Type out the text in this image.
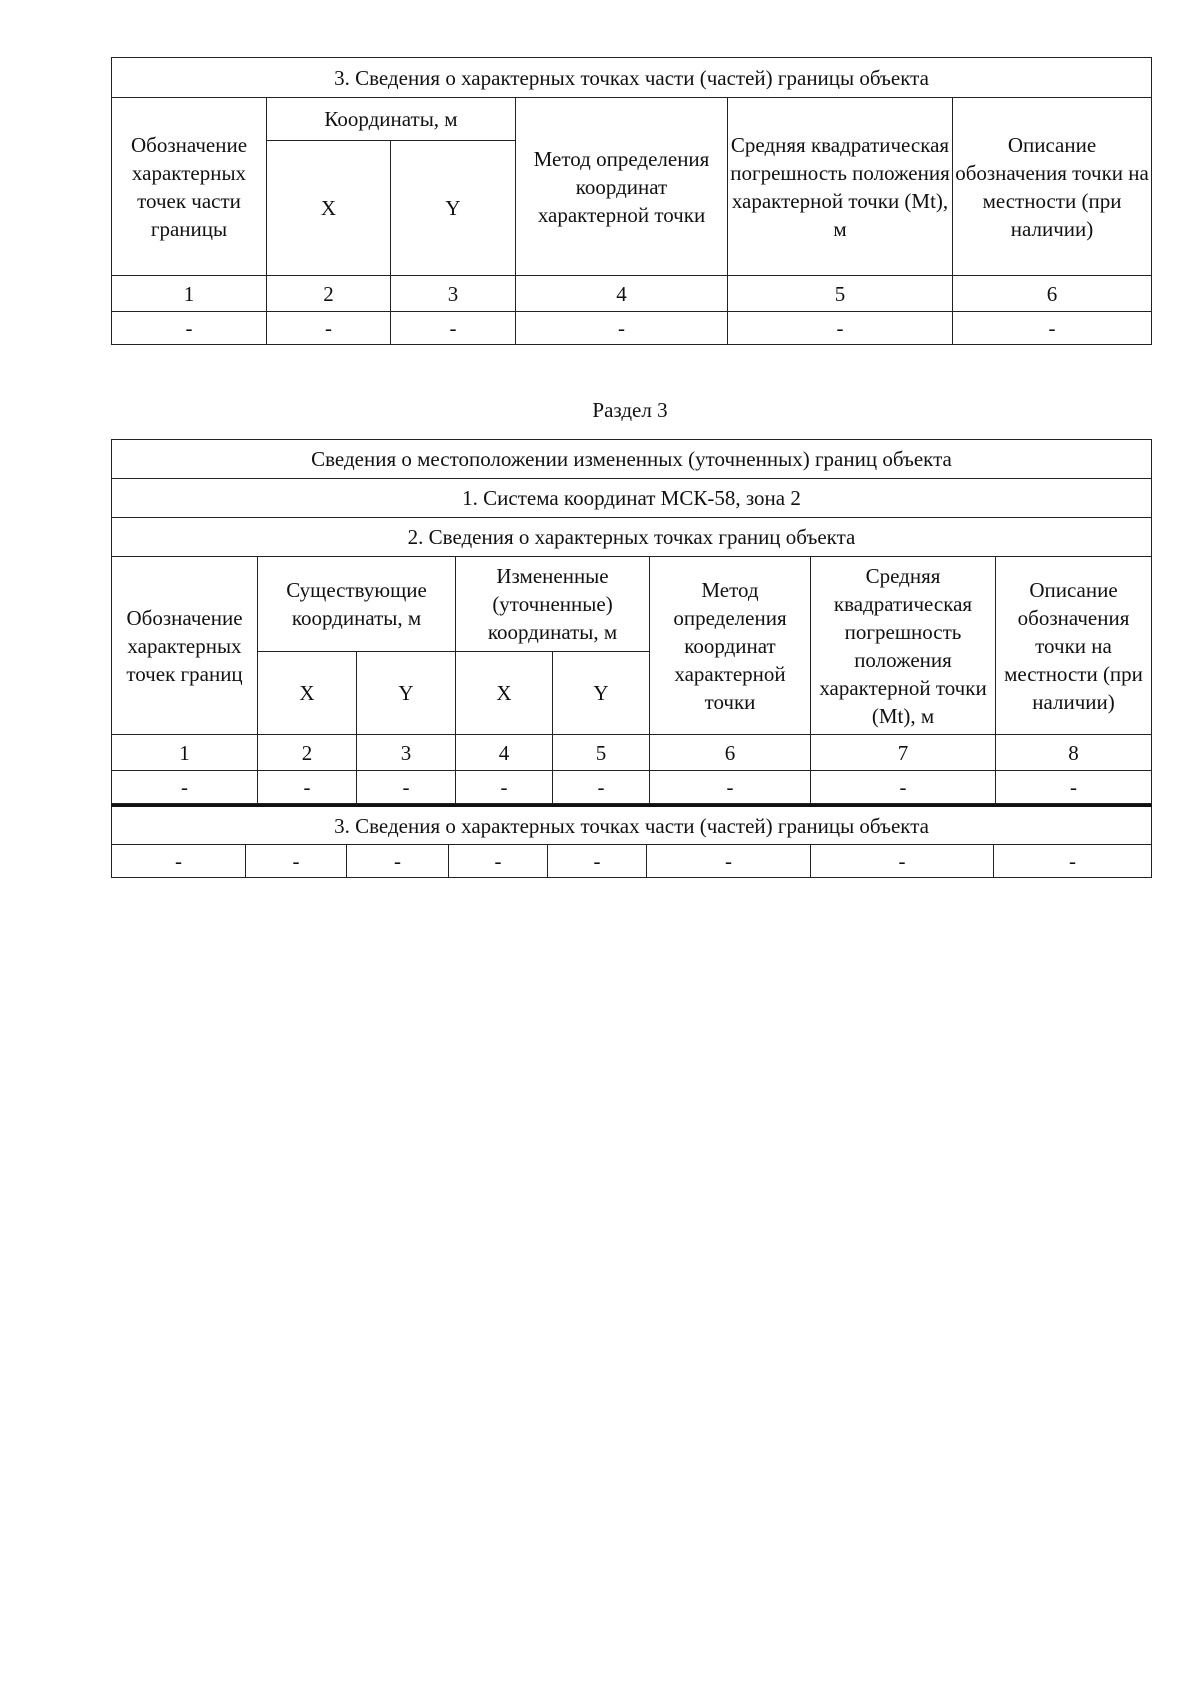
3. Сведения о характерных точках части (частей) границы объекта					
Обозначение характерных точек части границы	Координаты, м		Метод определения координат характерной точки	Средняя квадратическая погрешность положения характерной точки (Mt), м	Описание обозначения точки на местности (при наличии)
	X	Y			
1	2	3	4	5	6
-	-	-	-	-	-
Раздел 3
Сведения о местоположении измененных (уточненных) границ объекта							
1. Система координат МСК-58, зона 2							
2. Сведения о характерных точках границ объекта							
Обозначение характерных точек границ	Существующие координаты, м		Измененные (уточненные) координаты, м		Метод определения координат характерной точки	Средняя квадратическая погрешность положения характерной точки (Mt), м	Описание обозначения точки на местности (при наличии)
	X	Y	X	Y			
1	2	3	4	5	6	7	8
-	-	-	-	-	-	-	-
3. Сведения о характерных точках части (частей) границы объекта
-	-	-	-	-	-	-	-
